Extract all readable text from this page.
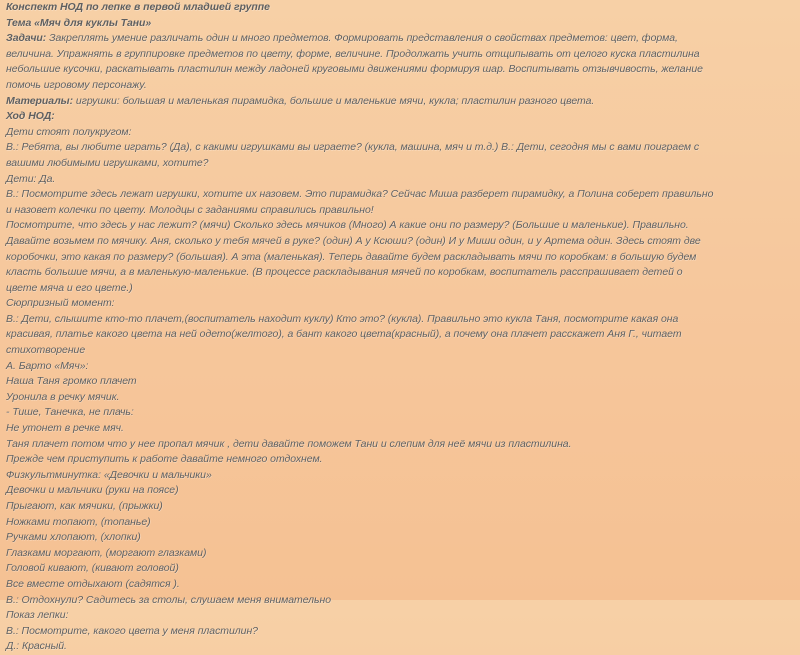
Конспект НОД по лепке в первой младшей группе
Тема «Мяч для куклы Тани»
Задачи: Закреплять умение различать один и много предметов. Формировать представления о свойствах предметов: цвет, форма,
величина. Упражнять в группировке предметов по цвету, форме, величине. Продолжать учить отщипывать от целого куска пластилина
небольшие кусочки, раскатывать пластилин между ладоней круговыми движениями формируя шар. Воспитывать отзывчивость, желание
помочь игровому персонажу.
Материалы: игрушки: большая и маленькая пирамидка, большие и маленькие мячи, кукла; пластилин разного цвета.
Ход НОД:
Дети стоят полукругом:
В.: Ребята, вы любите играть? (Да), с какими игрушками вы играете? (кукла, машина, мяч и т.д.) В.: Дети, сегодня мы с вами поиграем с
вашими любимыми игрушками, хотите?
Дети: Да.
В.: Посмотрите здесь лежат игрушки, хотите их назовем. Это пирамидка? Сейчас Миша разберет пирамидку, а Полина соберет правильно
и назовет колечки по цвету. Молодцы с заданиями справились правильно!
Посмотрите, что здесь у нас лежит? (мячи) Сколько здесь мячиков (Много) А какие они по размеру? (Большие и маленькие). Правильно.
Давайте возьмем по мячику. Аня, сколько у тебя мячей в руке? (один) А у Ксюши? (один) И у Миши один, и у Артема один. Здесь стоят две
коробочки, это какая по размеру? (большая). А эта (маленькая). Теперь давайте будем раскладывать мячи по коробкам: в большую будем
класть большие мячи, а в маленькую-маленькие. (В процессе раскладывания мячей по коробкам, воспитатель расспрашивает детей о
цвете мяча и его цвете.)
Сюрпризный момент:
В.: Дети, слышите кто-то плачет,(воспитатель находит куклу) Кто это? (кукла). Правильно это кукла Таня, посмотрите какая она
красивая, платье какого цвета на ней одето(желтого), а бант какого цвета(красный), а почему она плачет расскажет Аня Г., читает
стихотворение
А. Барто «Мяч»:
Наша Таня громко плачет
Уронила в речку мячик.
- Тише, Танечка, не плачь:
Не утонет в речке мяч.
Таня плачет потом что у нее пропал мячик , дети давайте поможем Тани и слепим для неё мячи из пластилина.
Прежде чем приступить к работе давайте немного отдохнем.
Физкультминутка: «Девочки и мальчики»
Девочки и мальчики (руки на поясе)
Прыгают, как мячики, (прыжки)
Ножками топают, (топанье)
Ручками хлопают, (хлопки)
Глазками моргают, (моргают глазками)
Головой кивают, (кивают головой)
Все вместе отдыхают (садятся ).
В.: Отдохнули? Садитесь за столы, слушаем меня внимательно
Показ лепки:
В.: Посмотрите, какого цвета у меня пластилин?
Д.: Красный.
